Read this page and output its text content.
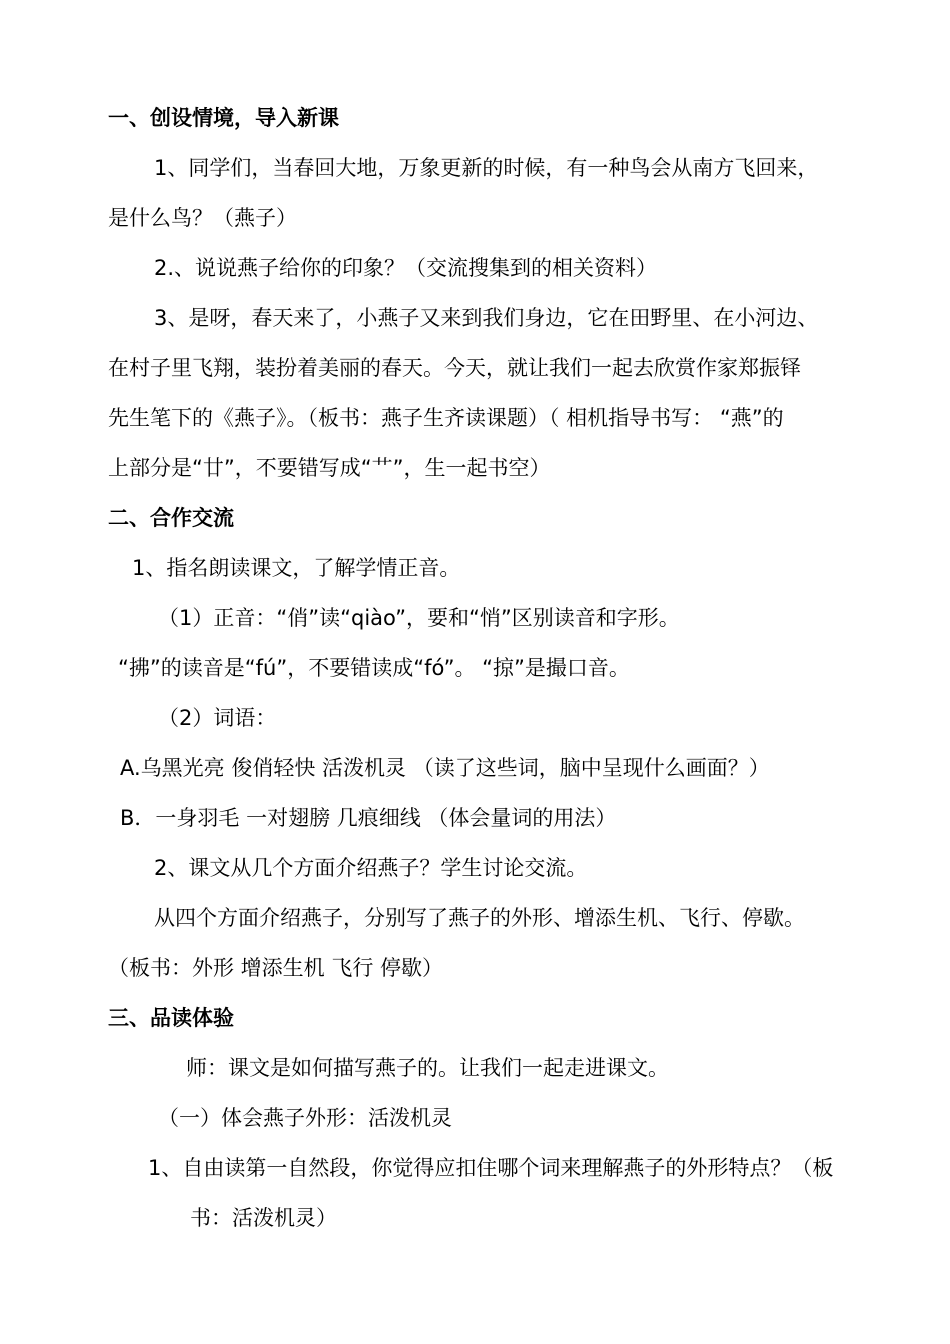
一、创设情境，导入新课
1、同学们，当春回大地，万象更新的时候，有一种鸟会从南方飞回来，
是什么鸟？（燕子）
2.、说说燕子给你的印象？（交流搜集到的相关资料）
3、是呀，春天来了，小燕子又来到我们身边，它在田野里、在小河边、
在村子里飞翔，装扮着美丽的春天。今天，就让我们一起去欣赏作家郑振铎
先生笔下的《燕子》。（板书：燕子生齐读课题）（ 相机指导书写： “燕”的
上部分是“廿”，不要错写成“艹”，生一起书空）
二、合作交流
1、指名朗读课文，了解学情正音。
（1）正音：“俏”读“qiào”，要和“悄”区别读音和字形。
“拂”的读音是“fú”，不要错读成“fó”。 “掠”是撮口音。
（2）词语：
A.乌黑光亮 俊俏轻快 活泼机灵 （读了这些词，脑中呈现什么画面？）
B．一身羽毛 一对翅膀 几痕细线 （体会量词的用法）
2、课文从几个方面介绍燕子？学生讨论交流。
从四个方面介绍燕子，分别写了燕子的外形、增添生机、飞行、停歇。
（板书：外形 增添生机 飞行 停歇）
三、品读体验
师：课文是如何描写燕子的。让我们一起走进课文。
（一）体会燕子外形：活泼机灵
1、自由读第一自然段，你觉得应扣住哪个词来理解燕子的外形特点？（板
书：活泼机灵）
